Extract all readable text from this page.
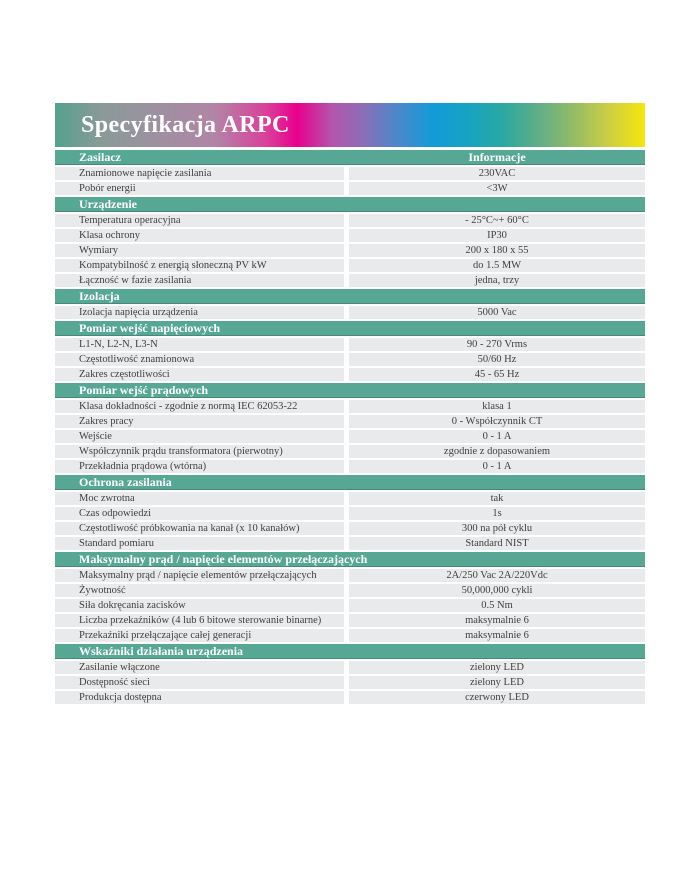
Specyfikacja ARPC
Zasilacz	Informacje
Znamionowe napięcie zasilania	230VAC
Pobór energii	<3W
Urządzenie
Temperatura operacyjna	- 25°C~+ 60°C
Klasa ochrony	IP30
Wymiary	200 x 180 x 55
Kompatybilność z energią słoneczną PV kW	do 1.5 MW
Łączność w fazie zasilania	jedna, trzy
Izolacja
Izolacja napięcia urządzenia	5000 Vac
Pomiar wejść napięciowych
L1-N, L2-N, L3-N	90 - 270 Vrms
Częstotliwość znamionowa	50/60 Hz
Zakres częstotliwości	45 - 65 Hz
Pomiar wejść prądowych
Klasa dokładności - zgodnie z normą IEC 62053-22	klasa 1
Zakres pracy	0 - Współczynnik CT
Wejście	0 - 1 A
Współczynnik prądu transformatora (pierwotny)	zgodnie z dopasowaniem
Przekładnia prądowa (wtórna)	0 - 1 A
Ochrona zasilania
Moc zwrotna	tak
Czas odpowiedzi	1s
Częstotliwość próbkowania na kanał (x 10 kanałów)	300 na pół cyklu
Standard pomiaru	Standard NIST
Maksymalny prąd / napięcie elementów przełączających
Maksymalny prąd / napięcie elementów przełączających	2A/250 Vac 2A/220Vdc
Żywotność	50,000,000 cykli
Siła dokręcania zacisków	0.5 Nm
Liczba przekaźników (4 lub 6 bitowe sterowanie binarne)	maksymalnie 6
Przekaźniki przełączające całej generacji	maksymalnie 6
Wskaźniki działania urządzenia
Zasilanie włączone	zielony LED
Dostępność sieci	zielony LED
Produkcja dostępna	czerwony LED
